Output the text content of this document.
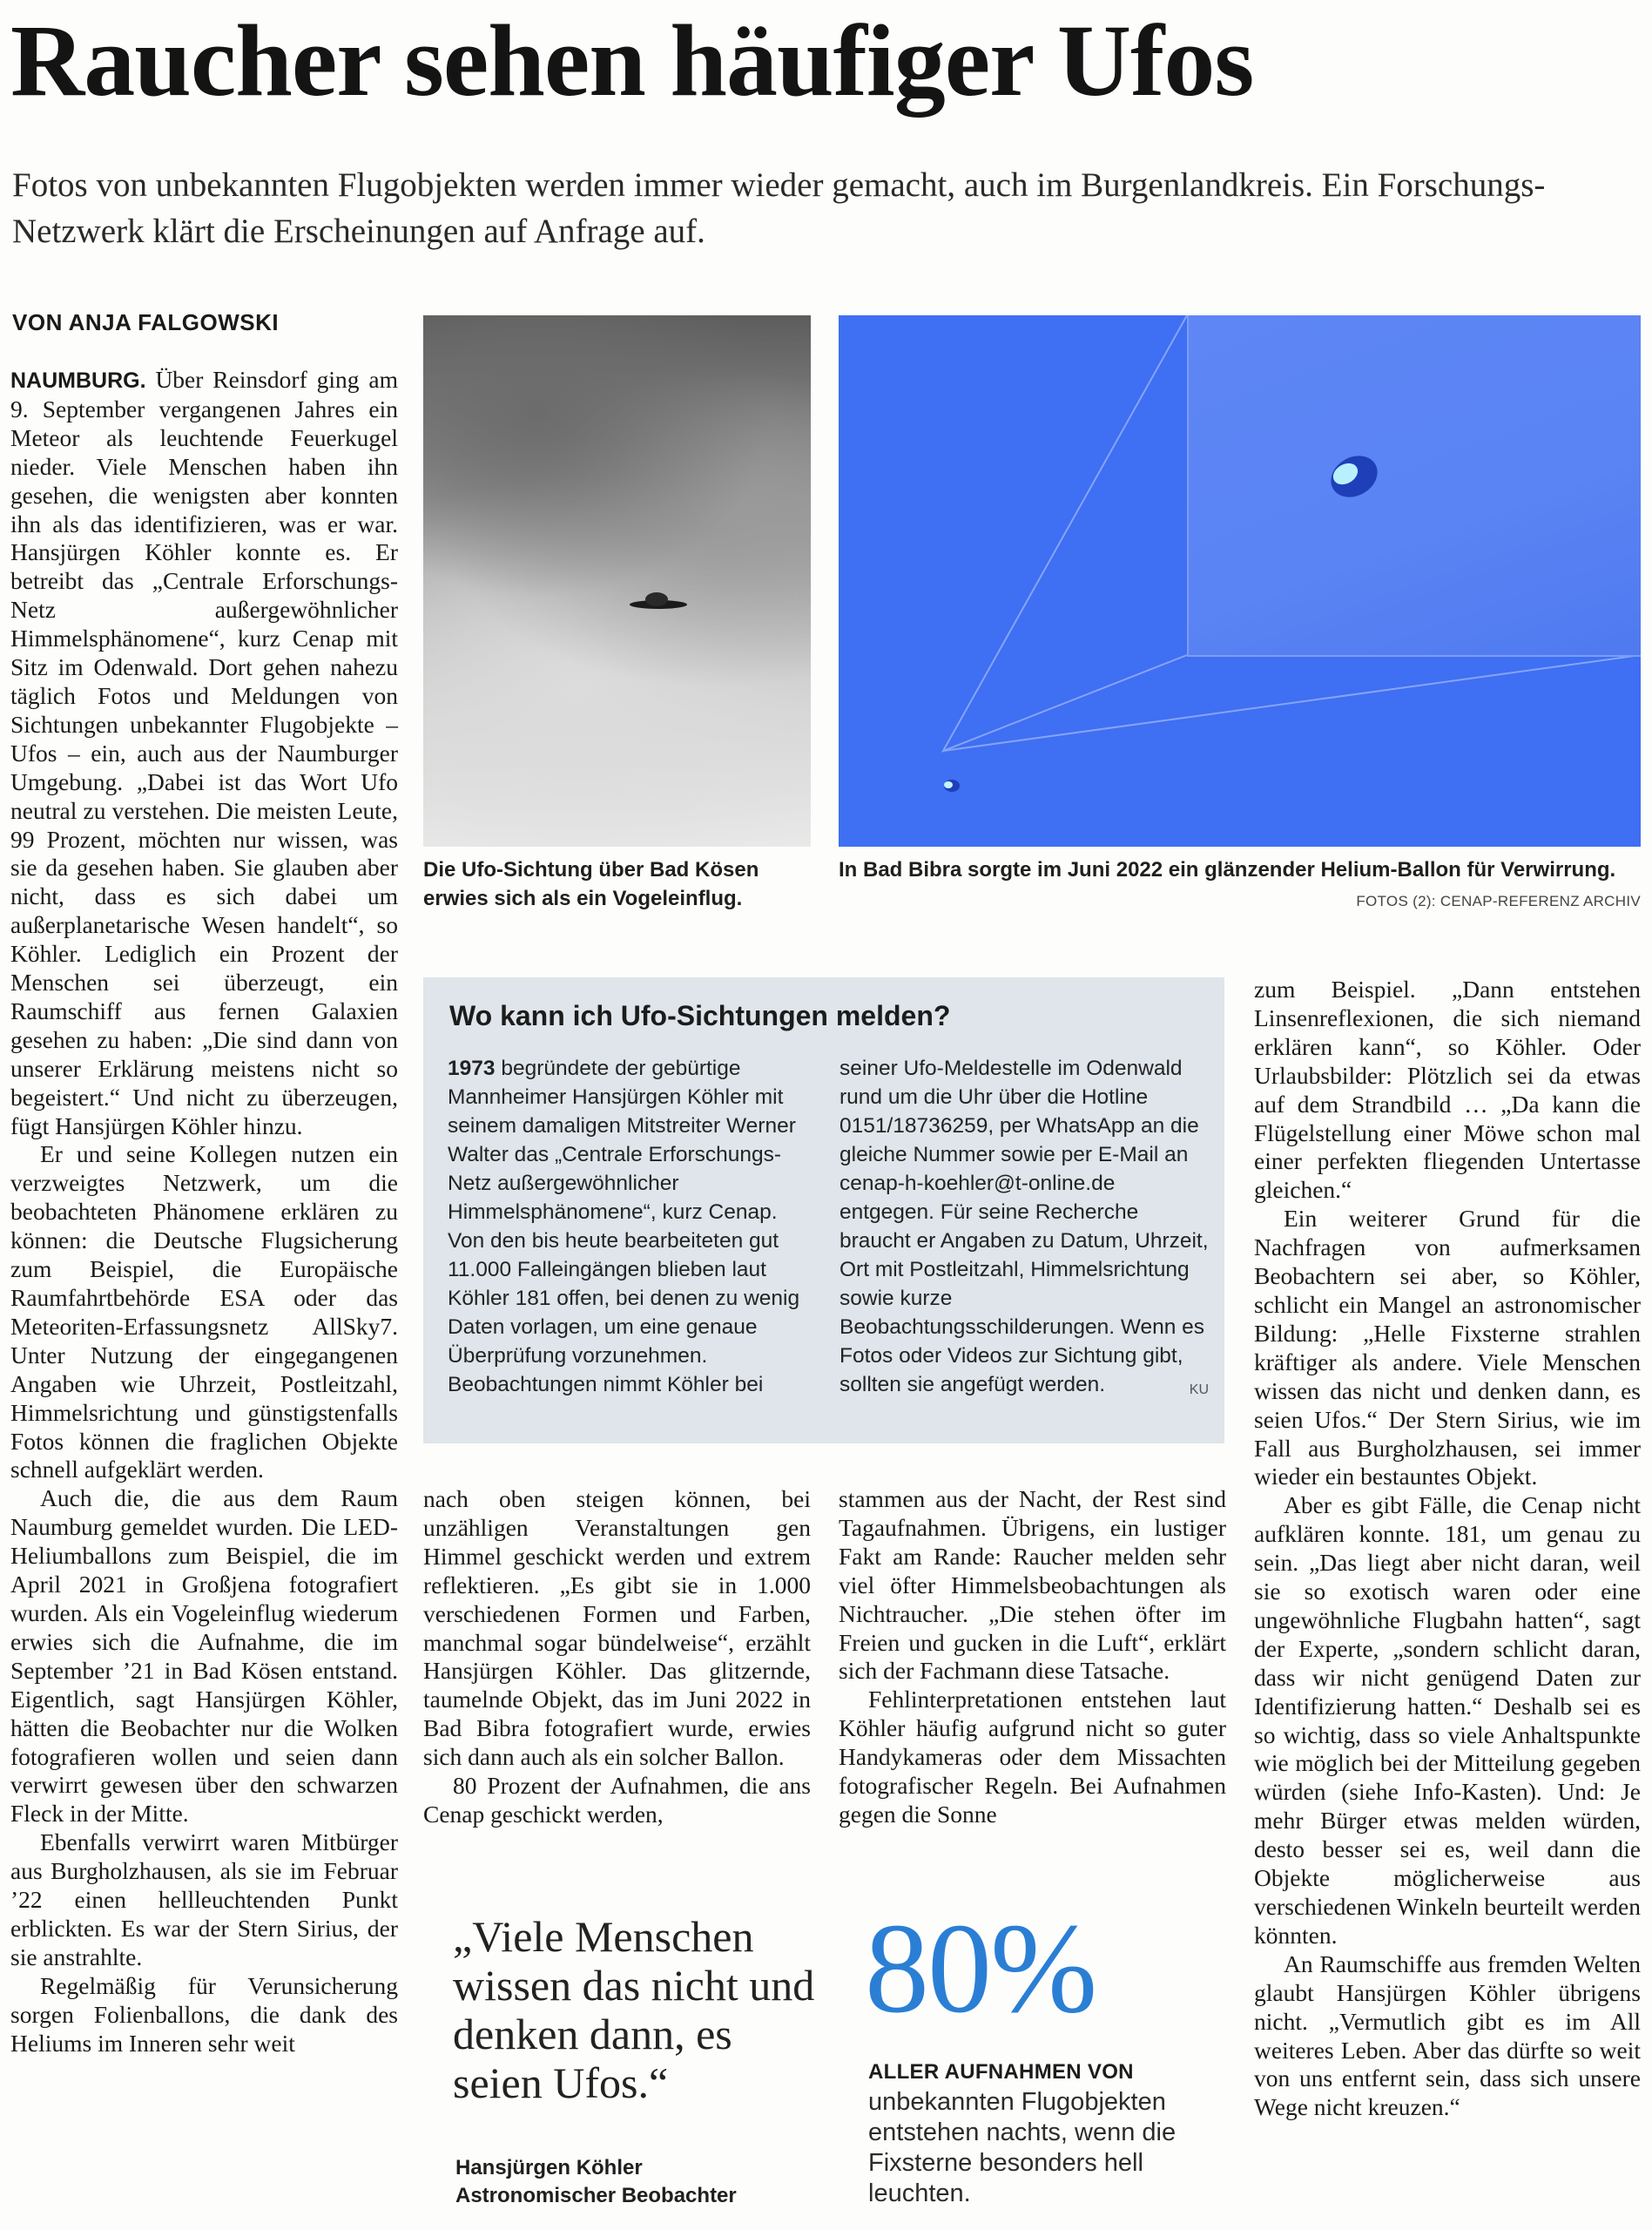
Raucher sehen häufiger Ufos

Fotos von unbekannten Flugobjekten werden immer wieder gemacht, auch im Burgenlandkreis. Ein Forschungs-Netzwerk klärt die Erscheinungen auf Anfrage auf.

VON ANJA FALGOWSKI

NAUMBURG. Über Reinsdorf ging am 9. September vergangenen Jahres ein Meteor als leuchtende Feuerkugel nieder. Viele Menschen haben ihn gesehen, die wenigsten aber konnten ihn als das identifizieren, was er war. Hansjürgen Köhler konnte es. Er betreibt das „Centrale Erforschungs-Netz außergewöhnlicher Himmelsphänomene“, kurz Cenap mit Sitz im Odenwald. Dort gehen nahezu täglich Fotos und Meldungen von Sichtungen unbekannter Flugobjekte – Ufos – ein, auch aus der Naumburger Umgebung. „Dabei ist das Wort Ufo neutral zu verstehen. Die meisten Leute, 99 Prozent, möchten nur wissen, was sie da gesehen haben. Sie glauben aber nicht, dass es sich dabei um außerplanetarische Wesen handelt“, so Köhler. Lediglich ein Prozent der Menschen sei überzeugt, ein Raumschiff aus fernen Galaxien gesehen zu haben: „Die sind dann von unserer Erklärung meistens nicht so begeistert.“ Und nicht zu überzeugen, fügt Hansjürgen Köhler hinzu.

Er und seine Kollegen nutzen ein verzweigtes Netzwerk, um die beobachteten Phänomene erklären zu können: die Deutsche Flugsicherung zum Beispiel, die Europäische Raumfahrtbehörde ESA oder das Meteoriten-Erfassungsnetz AllSky7. Unter Nutzung der eingegangenen Angaben wie Uhrzeit, Postleitzahl, Himmelsrichtung und günstigstenfalls Fotos können die fraglichen Objekte schnell aufgeklärt werden.

Auch die, die aus dem Raum Naumburg gemeldet wurden. Die LED-Heliumballons zum Beispiel, die im April 2021 in Großjena fotografiert wurden. Als ein Vogeleinflug wiederum erwies sich die Aufnahme, die im September ’21 in Bad Kösen entstand. Eigentlich, sagt Hansjürgen Köhler, hätten die Beobachter nur die Wolken fotografieren wollen und seien dann verwirrt gewesen über den schwarzen Fleck in der Mitte.

Ebenfalls verwirrt waren Mitbürger aus Burgholzhausen, als sie im Februar ’22 einen hellleuchtenden Punkt erblickten. Es war der Stern Sirius, der sie anstrahlte.

Regelmäßig für Verunsicherung sorgen Folienballons, die dank des Heliums im Inneren sehr weit

Die Ufo-Sichtung über Bad Kösen erwies sich als ein Vogeleinflug.
In Bad Bibra sorgte im Juni 2022 ein glänzender Helium-Ballon für Verwirrung.
FOTOS (2): CENAP-REFERENZ ARCHIV
Wo kann ich Ufo-Sichtungen melden?
1973 begründete der gebürtige Mannheimer Hansjürgen Köhler mit seinem damaligen Mitstreiter Werner Walter das „Centrale Erforschungs-Netz außergewöhnlicher Himmelsphänomene“, kurz Cenap. Von den bis heute bearbeiteten gut 11.000 Falleingängen blieben laut Köhler 181 offen, bei denen zu wenig Daten vorlagen, um eine genaue Überprüfung vorzunehmen. Beobachtungen nimmt Köhler bei
seiner Ufo-Meldestelle im Odenwald rund um die Uhr über die Hotline 0151/18736259, per WhatsApp an die gleiche Nummer sowie per E-Mail an cenap-h-koehler@t-online.de entgegen. Für seine Recherche braucht er Angaben zu Datum, Uhrzeit, Ort mit Postleitzahl, Himmelsrichtung sowie kurze Beobachtungsschilderungen. Wenn es Fotos oder Videos zur Sichtung gibt, sollten sie angefügt werden.	KU

nach oben steigen können, bei unzähligen Veranstaltungen gen Himmel geschickt werden und extrem reflektieren. „Es gibt sie in 1.000 verschiedenen Formen und Farben, manchmal sogar bündelweise“, erzählt Hansjürgen Köhler. Das glitzernde, taumelnde Objekt, das im Juni 2022 in Bad Bibra fotografiert wurde, erwies sich dann auch als ein solcher Ballon.

80 Prozent der Aufnahmen, die ans Cenap geschickt werden,

stammen aus der Nacht, der Rest sind Tagaufnahmen. Übrigens, ein lustiger Fakt am Rande: Raucher melden sehr viel öfter Himmelsbeobachtungen als Nichtraucher. „Die stehen öfter im Freien und gucken in die Luft“, erklärt sich der Fachmann diese Tatsache.

Fehlinterpretationen entstehen laut Köhler häufig aufgrund nicht so guter Handykameras oder dem Missachten fotografischer Regeln. Bei Aufnahmen gegen die Sonne

zum Beispiel. „Dann entstehen Linsenreflexionen, die sich niemand erklären kann“, so Köhler. Oder Urlaubsbilder: Plötzlich sei da etwas auf dem Strandbild … „Da kann die Flügelstellung einer Möwe schon mal einer perfekten fliegenden Untertasse gleichen.“

Ein weiterer Grund für die Nachfragen von aufmerksamen Beobachtern sei aber, so Köhler, schlicht ein Mangel an astronomischer Bildung: „Helle Fixsterne strahlen kräftiger als andere. Viele Menschen wissen das nicht und denken dann, es seien Ufos.“ Der Stern Sirius, wie im Fall aus Burgholzhausen, sei immer wieder ein bestauntes Objekt.

Aber es gibt Fälle, die Cenap nicht aufklären konnte. 181, um genau zu sein. „Das liegt aber nicht daran, weil sie so exotisch waren oder eine ungewöhnliche Flugbahn hatten“, sagt der Experte, „sondern schlicht daran, dass wir nicht genügend Daten zur Identifizierung hatten.“ Deshalb sei es so wichtig, dass so viele Anhaltspunkte wie möglich bei der Mitteilung gegeben würden (siehe Info-Kasten). Und: Je mehr Bürger etwas melden würden, desto besser sei es, weil dann die Objekte möglicherweise aus verschiedenen Winkeln beurteilt werden könnten.

An Raumschiffe aus fremden Welten glaubt Hansjürgen Köhler übrigens nicht. „Vermutlich gibt es im All weiteres Leben. Aber das dürfte so weit von uns entfernt sein, dass sich unsere Wege nicht kreuzen.“

„Viele Menschen wissen das nicht und denken dann, es seien Ufos.“
Hansjürgen Köhler
Astronomischer Beobachter
80%
ALLER AUFNAHMEN VON
unbekannten Flugobjekten entstehen nachts, wenn die Fixsterne besonders hell leuchten.
